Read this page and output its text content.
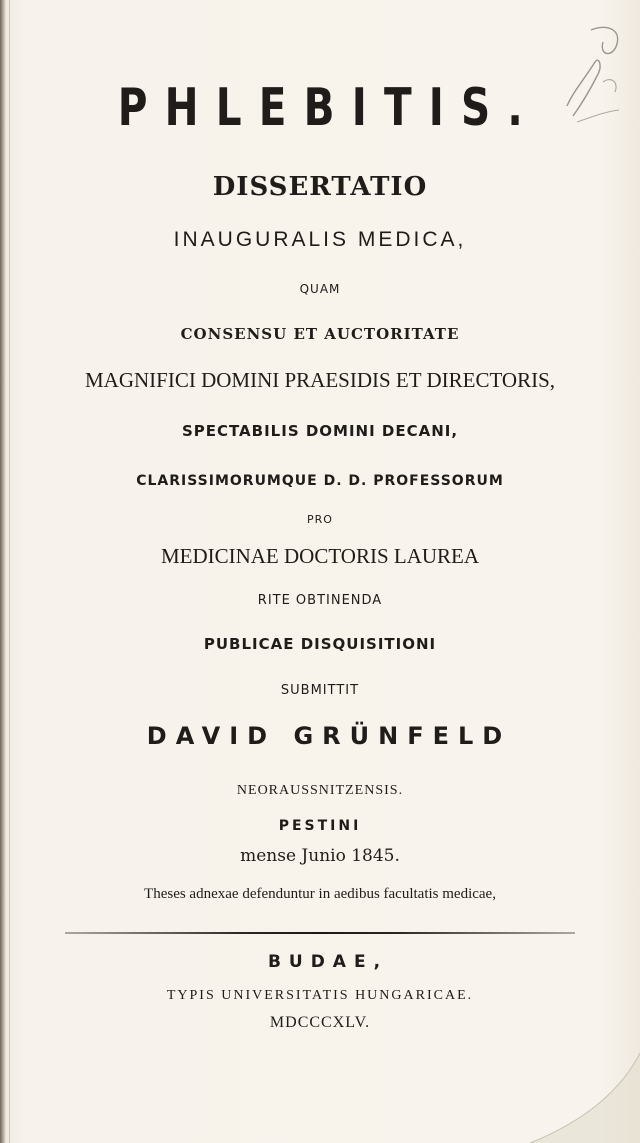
PHLEBITIS.
DISSERTATIO
INAUGURALIS MEDICA,
QUAM
CONSENSU ET AUCTORITATE
MAGNIFICI DOMINI PRAESIDIS ET DIRECTORIS,
SPECTABILIS DOMINI DECANI,
CLARISSIMORUMQUE D. D. PROFESSORUM
PRO
MEDICINAE DOCTORIS LAUREA
RITE OBTINENDA
PUBLICAE DISQUISITIONI
SUBMITTIT
DAVID GRÜNFELD
NEORAUSSNITZENSIS.
PESTINI
mense Junio 1845.
Theses adnexae defenduntur in aedibus facultatis medicae,
BUDAE,
TYPIS UNIVERSITATIS HUNGARICAE.
MDCCCXLV.
